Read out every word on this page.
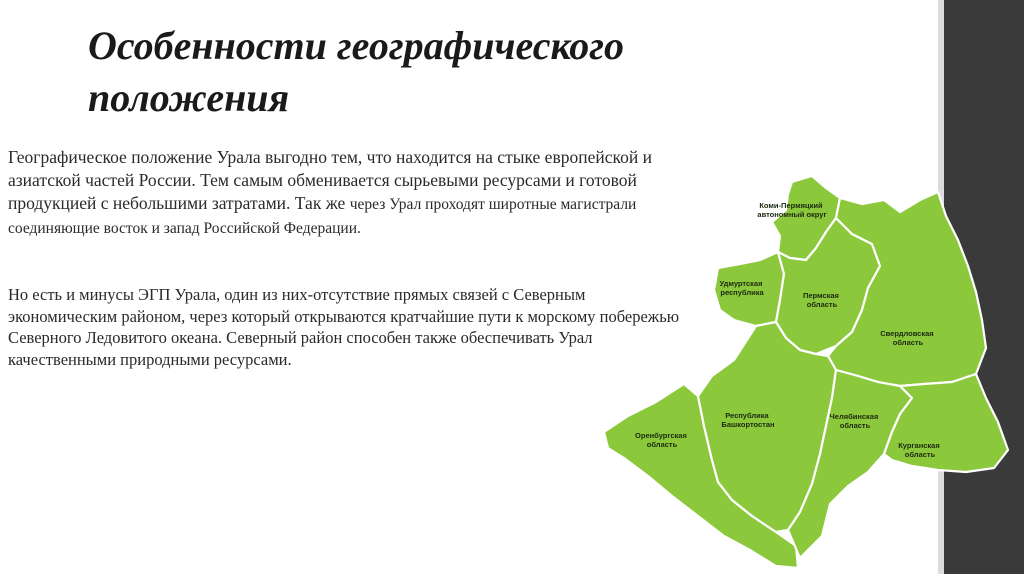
Особенности географического
положения

Географическое положение Урала выгодно тем, что находится на стыке европейской и азиатской частей России. Тем самым обменивается сырьевыми ресурсами и готовой продукцией с небольшими затратами. Так же через Урал проходят широтные магистрали соединяющие восток и запад Российской Федерации.

Но есть и минусы ЭГП Урала, один из них-отсутствие прямых связей с Северным экономическим районом, через который открываются кратчайшие пути к морскому побережью Северного Ледовитого океана. Северный район способен также обеспечивать Урал качественными природными ресурсами.

Коми-Пермяцкий автономный округ
Удмуртская республика	Пермская область
Свердловская область
Оренбургская область
Республика Башкортостан
Челябинская область
Курганская область
